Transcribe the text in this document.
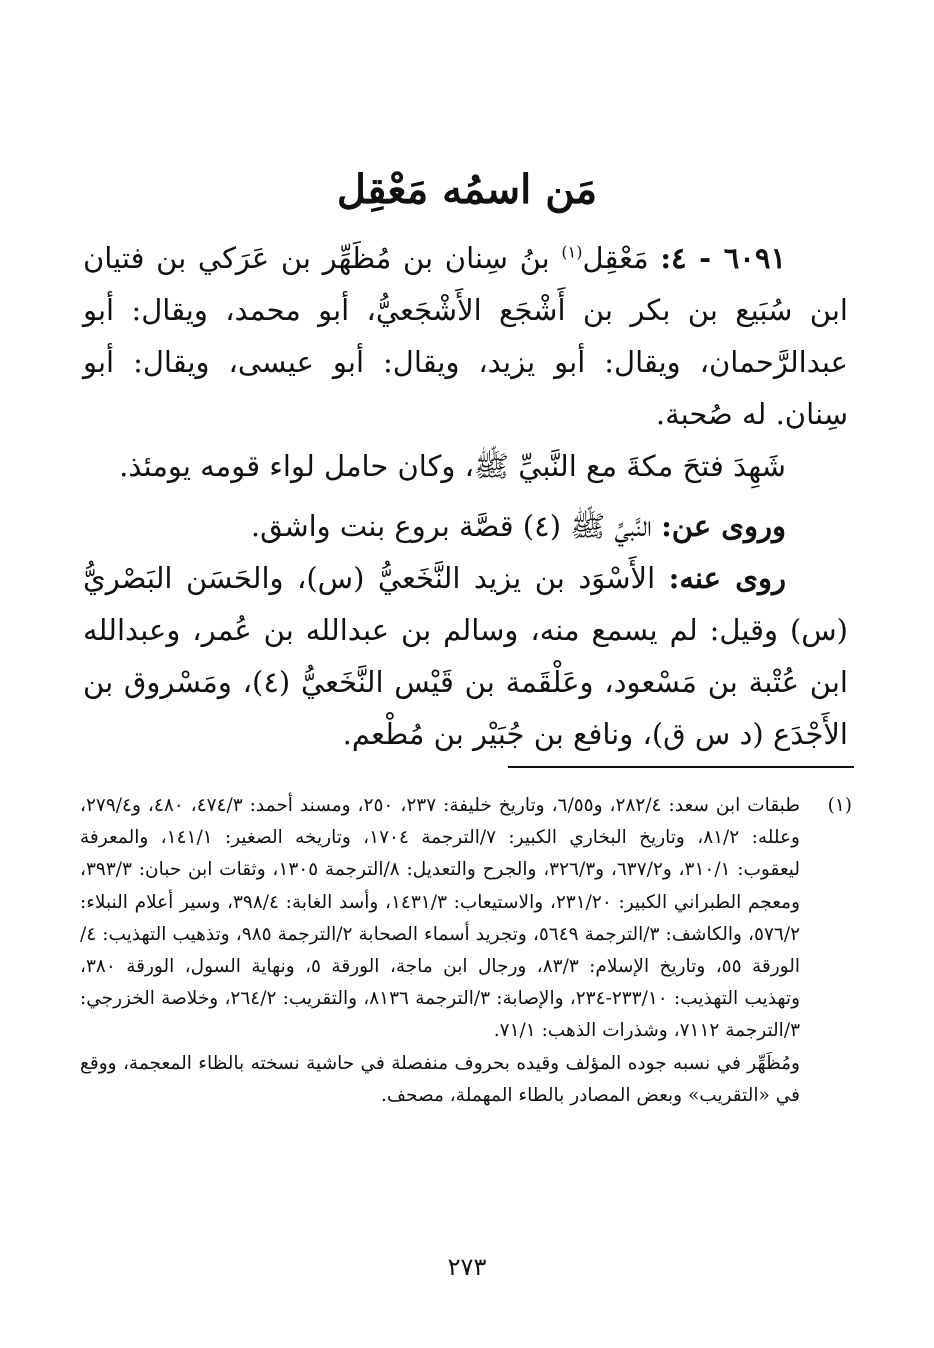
مَن اسمُه مَعْقِل

٦٠٩١ - ٤: مَعْقِل$^{(١)}$ بنُ سِنان بن مُظَهِّر بن عَرَكي بن فتيان ابن سُبَيع بن بكر بن أَشْجَع الأَشْجَعيُّ، أبو محمد، ويقال: أبو عبدالرَّحمان، ويقال: أبو يزيد، ويقال: أبو عيسى، ويقال: أبو سِنان. له صُحبة.

شَهِدَ فتحَ مكةَ مع النَّبيِّ ﷺ، وكان حامل لواء قومه يومئذ.

وروى عن: النَّبيِّ ﷺ (٤) قصَّة بروع بنت واشق.

روى عنه: الأَسْوَد بن يزيد النَّخَعيُّ (س)، والحَسَن البَصْريُّ (س) وقيل: لم يسمع منه، وسالم بن عبدالله بن عُمر، وعبدالله ابن عُتْبة بن مَسْعود، وعَلْقَمة بن قَيْس النَّخَعيُّ (٤)، ومَسْروق بن الأَجْدَع (د س ق)، ونافع بن جُبَيْر بن مُطْعم.

(١)

طبقات ابن سعد: ٢٨٢/٤، و٦/٥٥، وتاريخ خليفة: ٢٣٧، ٢٥٠، ومسند أحمد: ٤٧٤/٣، ٤٨٠، و٢٧٩/٤، وعلله: ٨١/٢، وتاريخ البخاري الكبير: ٧/الترجمة ١٧٠٤، وتاريخه الصغير: ١٤١/١، والمعرفة ليعقوب: ٣١٠/١، و٦٣٧/٢، و٣٢٦/٣، والجرح والتعديل: ٨/الترجمة ١٣٠٥، وثقات ابن حبان: ٣٩٣/٣، ومعجم الطبراني الكبير: ٢٣١/٢٠، والاستيعاب: ١٤٣١/٣، وأسد الغابة: ٣٩٨/٤، وسير أعلام النبلاء: ٥٧٦/٢، والكاشف: ٣/الترجمة ٥٦٤٩، وتجريد أسماء الصحابة ٢/الترجمة ٩٨٥، وتذهيب التهذيب: ٤/الورقة ٥٥، وتاريخ الإسلام: ٨٣/٣، ورجال ابن ماجة، الورقة ٥، ونهاية السول، الورقة ٣٨٠، وتهذيب التهذيب: ٢٣٣/١٠-٢٣٤، والإصابة: ٣/الترجمة ٨١٣٦، والتقريب: ٢٦٤/٢، وخلاصة الخزرجي: ٣/الترجمة ٧١١٢، وشذرات الذهب: ٧١/١.

ومُظَهِّر في نسبه جوده المؤلف وقيده بحروف منفصلة في حاشية نسخته بالظاء المعجمة، ووقع في «التقريب» وبعض المصادر بالطاء المهملة، مصحف.

٢٧٣
